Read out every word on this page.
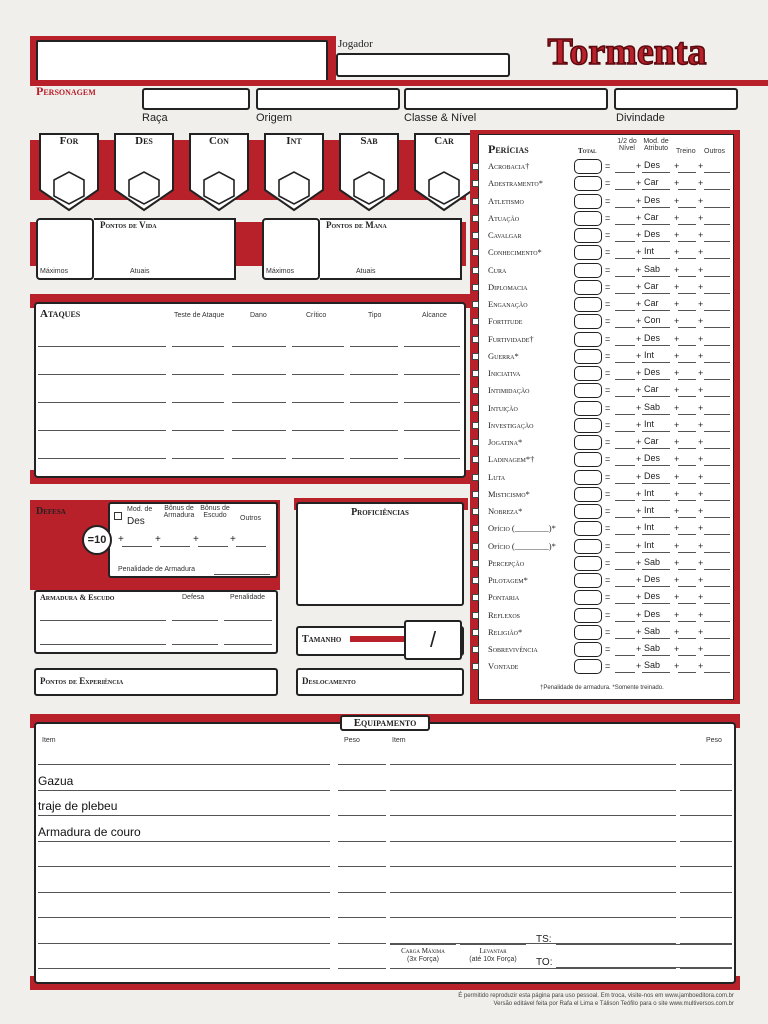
Personagem
Jogador	Tormenta
Raça	Origem	Classe & Nível	Divindade
For	Des	Con	Int	Sab	Car
Pontos de Vida
Máximos	Atuais
Pontos de Mana
Máximos	Atuais
Ataques	Teste de Ataque	Dano	Crítico	Tipo	Alcance
Defesa
=10
Mod. de
Des
Bônus de Armadura
Bônus de Escudo	Outros
+	+	+	+
Penalidade de Armadura
Armadura & Escudo	Defesa	Penalidade
Proficiências
Tamanho	/
Pontos de Experiência	Deslocamento
Perícias	Total
1/2 do Nível
Mod. de Atributo	Treino Outros
Acrobacia†	=	+ Des + +
Adestramento*	=	+ Car + +
Atletismo	=	+ Des + +
Atuação	=	+ Car + +
Cavalgar	=	+ Des + +
Conhecimento*	=	+ Int + +
Cura	=	+ Sab + +
Diplomacia	=	+ Car + +
Enganação	=	+ Car + +
Fortitude	=	+ Con + +
Furtividade†	=	+ Des + +
Guerra*	=	+ Int + +
Iniciativa	=	+ Des + +
Intimidação	=	+ Car + +
Intuição	=	+ Sab + +
Investigação	=	+ Int + +
Jogatina*	=	+ Car + +
Ladinagem*†	=	+ Des + +
Luta	=	+ Des + +
Misticismo*	=	+ Int + +
Nobreza*	=	+ Int + +
Ofício (________)*	=	+ Int + +
Ofício (________)*	=	+ Int + +
Percepção	=	+ Sab + +
Pilotagem*	=	+ Des + +
Pontaria	=	+ Des + +
Reflexos	=	+ Des + +
Religião*	=	+ Sab + +
Sobrevivência	=	+ Sab + +
Vontade	=	+ Sab + +
†Penalidade de armadura. *Somente treinado.
Equipamento
Item	Peso	Item	Peso
Gazua
traje de plebeu
Armadura de couro
Carga Máxima
(3x Força)
Levantar
(até 10x Força)
TS:
TO:
É permitido reproduzir esta página para uso pessoal. Em troca, visite-nos em www.jamboeditora.com.br
Versão editável feita por Rafa el Lima e Tálison Teófilo para o site www.multiversos.com.br
